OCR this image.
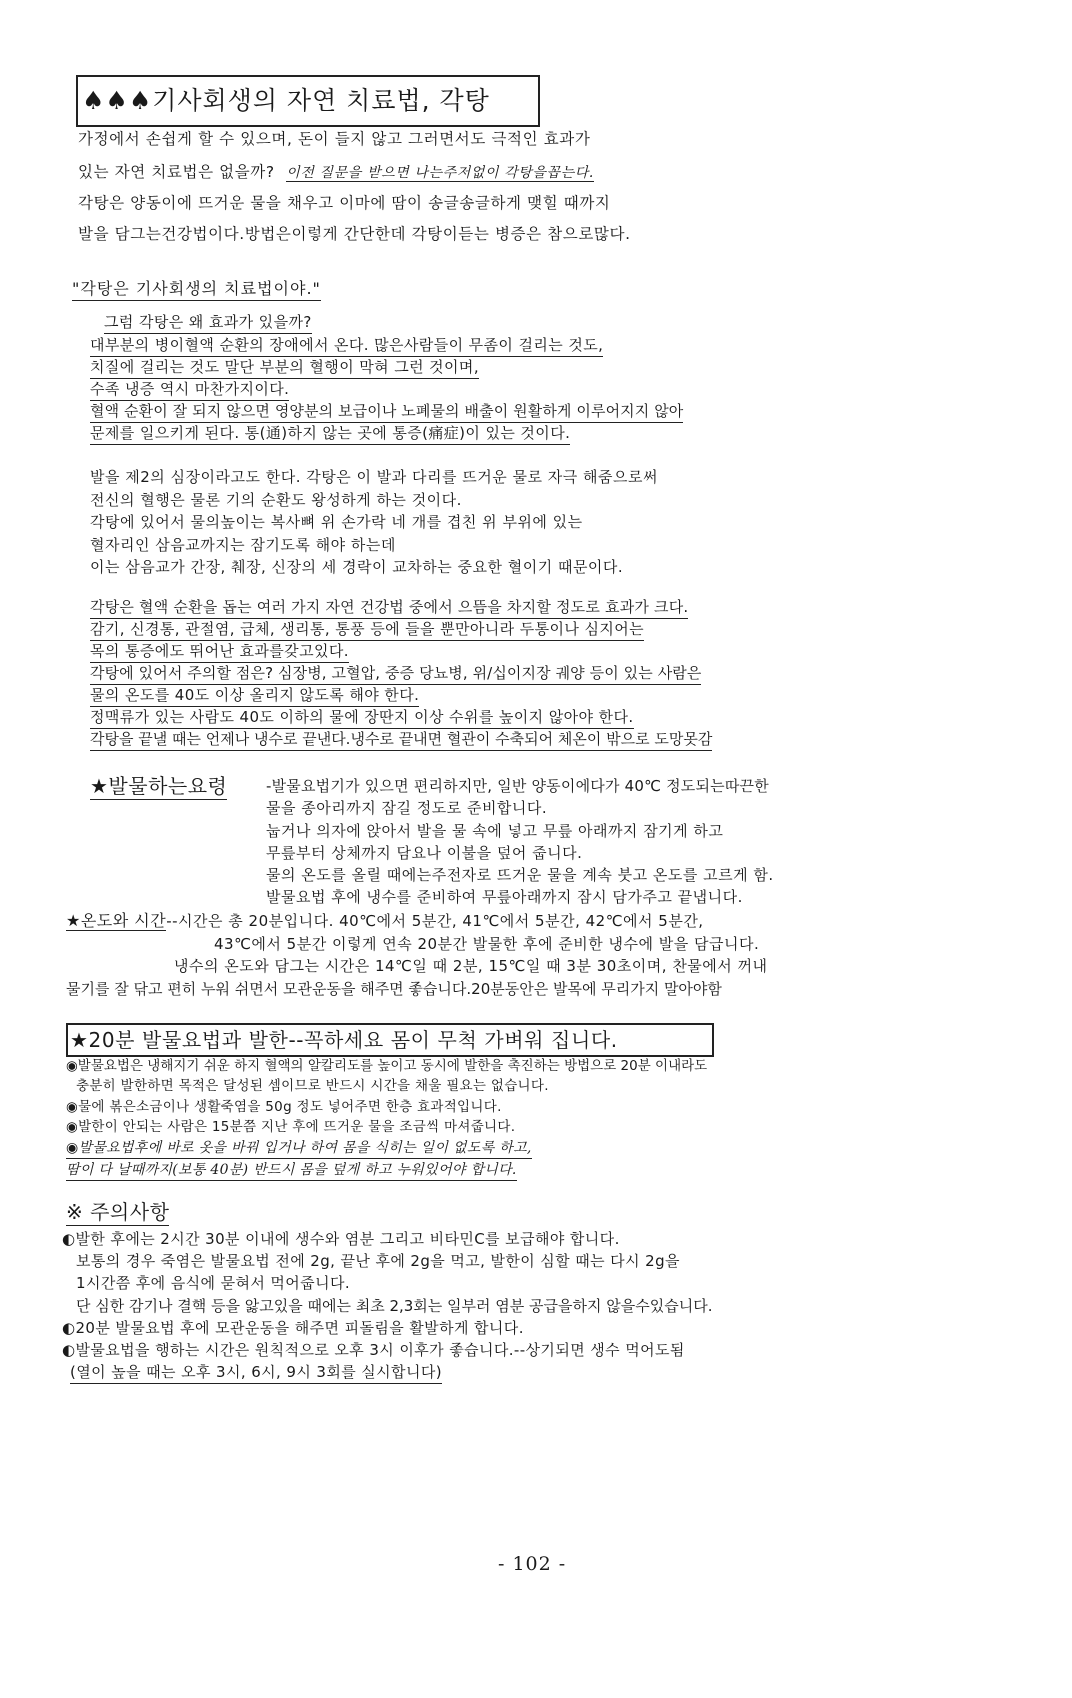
♠♠♠기사회생의 자연 치료법, 각탕
가정에서 손쉽게 할 수 있으며, 돈이 들지 않고 그러면서도 극적인 효과가
있는 자연 치료법은 없을까? 이전 질문을 받으면 나는주저없이 각탕을꼽는다.
각탕은 양동이에 뜨거운 물을 채우고 이마에 땀이 송글송글하게 맺힐 때까지
발을 담그는건강법이다.방법은이렇게 간단한데 각탕이듣는 병증은 참으로많다.
"각탕은 기사회생의 치료법이야."
그럼 각탕은 왜 효과가 있을까?
대부분의 병이혈액 순환의 장애에서 온다. 많은사람들이 무좀이 걸리는 것도,
치질에 걸리는 것도 말단 부분의 혈행이 막혀 그런 것이며,
수족 냉증 역시 마찬가지이다.
혈액 순환이 잘 되지 않으면 영양분의 보급이나 노폐물의 배출이 원활하게 이루어지지 않아
문제를 일으키게 된다. 통(通)하지 않는 곳에 통증(痛症)이 있는 것이다.
발을 제2의 심장이라고도 한다. 각탕은 이 발과 다리를 뜨거운 물로 자극 해줌으로써
전신의 혈행은 물론 기의 순환도 왕성하게 하는 것이다.
각탕에 있어서 물의높이는 복사뼈 위 손가락 네 개를 겹친 위 부위에 있는
혈자리인 삼음교까지는 잠기도록 해야 하는데
이는 삼음교가 간장, 췌장, 신장의 세 경락이 교차하는 중요한 혈이기 때문이다.
각탕은 혈액 순환을 돕는 여러 가지 자연 건강법 중에서 으뜸을 차지할 정도로 효과가 크다.
감기, 신경통, 관절염, 급체, 생리통, 통풍 등에 들을 뿐만아니라 두통이나 심지어는
목의 통증에도 뛰어난 효과를갖고있다.
각탕에 있어서 주의할 점은? 심장병, 고혈압, 중증 당뇨병, 위/십이지장 궤양 등이 있는 사람은
물의 온도를 40도 이상 올리지 않도록 해야 한다.
정맥류가 있는 사람도 40도 이하의 물에 장딴지 이상 수위를 높이지 않아야 한다.
각탕을 끝낼 때는 언제나 냉수로 끝낸다.냉수로 끝내면 혈관이 수축되어 체온이 밖으로 도망못감
★발물하는요령	-발물요법기가 있으면 편리하지만, 일반 양동이에다가 40℃ 정도되는따끈한
물을 종아리까지 잠길 정도로 준비합니다.
눕거나 의자에 앉아서 발을 물 속에 넣고 무릎 아래까지 잠기게 하고
무릎부터 상체까지 담요나 이불을 덮어 줍니다.
물의 온도를 올릴 때에는주전자로 뜨거운 물을 계속 붓고 온도를 고르게 함.
발물요법 후에 냉수를 준비하여 무릎아래까지 잠시 담가주고 끝냅니다.
★온도와 시간--시간은 총 20분입니다. 40℃에서 5분간, 41℃에서 5분간, 42℃에서 5분간,
43℃에서 5분간 이렇게 연속 20분간 발물한 후에 준비한 냉수에 발을 담급니다.
냉수의 온도와 담그는 시간은 14℃일 때 2분, 15℃일 때 3분 30초이며, 찬물에서 꺼내
물기를 잘 닦고 편히 누워 쉬면서 모관운동을 해주면 좋습니다.20분동안은 발목에 무리가지 말아야함
★20분 발물요법과 발한--꼭하세요 몸이 무척 가벼워 집니다.
◉발물요법은 냉해지기 쉬운 하지 혈액의 알칼리도를 높이고 동시에 발한을 촉진하는 방법으로 20분 이내라도
충분히 발한하면 목적은 달성된 셈이므로 반드시 시간을 채울 필요는 없습니다.
◉물에 볶은소금이나 생활죽염을 50g 정도 넣어주면 한층 효과적입니다.
◉발한이 안되는 사람은 15분쯤 지난 후에 뜨거운 물을 조금씩 마셔줍니다.
◉발물요법후에 바로 옷을 바꿔 입거나 하여 몸을 식히는 일이 없도록 하고,
땀이 다 날때까지(보통 40분) 반드시 몸을 덮게 하고 누워있어야 합니다.
※ 주의사항
◐발한 후에는 2시간 30분 이내에 생수와 염분 그리고 비타민C를 보급해야 합니다.
보통의 경우 죽염은 발물요법 전에 2g, 끝난 후에 2g을 먹고, 발한이 심할 때는 다시 2g을
1시간쯤 후에 음식에 묻혀서 먹어줍니다.
단 심한 감기나 결핵 등을 앓고있을 때에는 최초 2,3회는 일부러 염분 공급을하지 않을수있습니다.
◐20분 발물요법 후에 모관운동을 해주면 피돌림을 활발하게 합니다.
◐발물요법을 행하는 시간은 원칙적으로 오후 3시 이후가 좋습니다.--상기되면 생수 먹어도됨
(열이 높을 때는 오후 3시, 6시, 9시 3회를 실시합니다)
- 102 -
